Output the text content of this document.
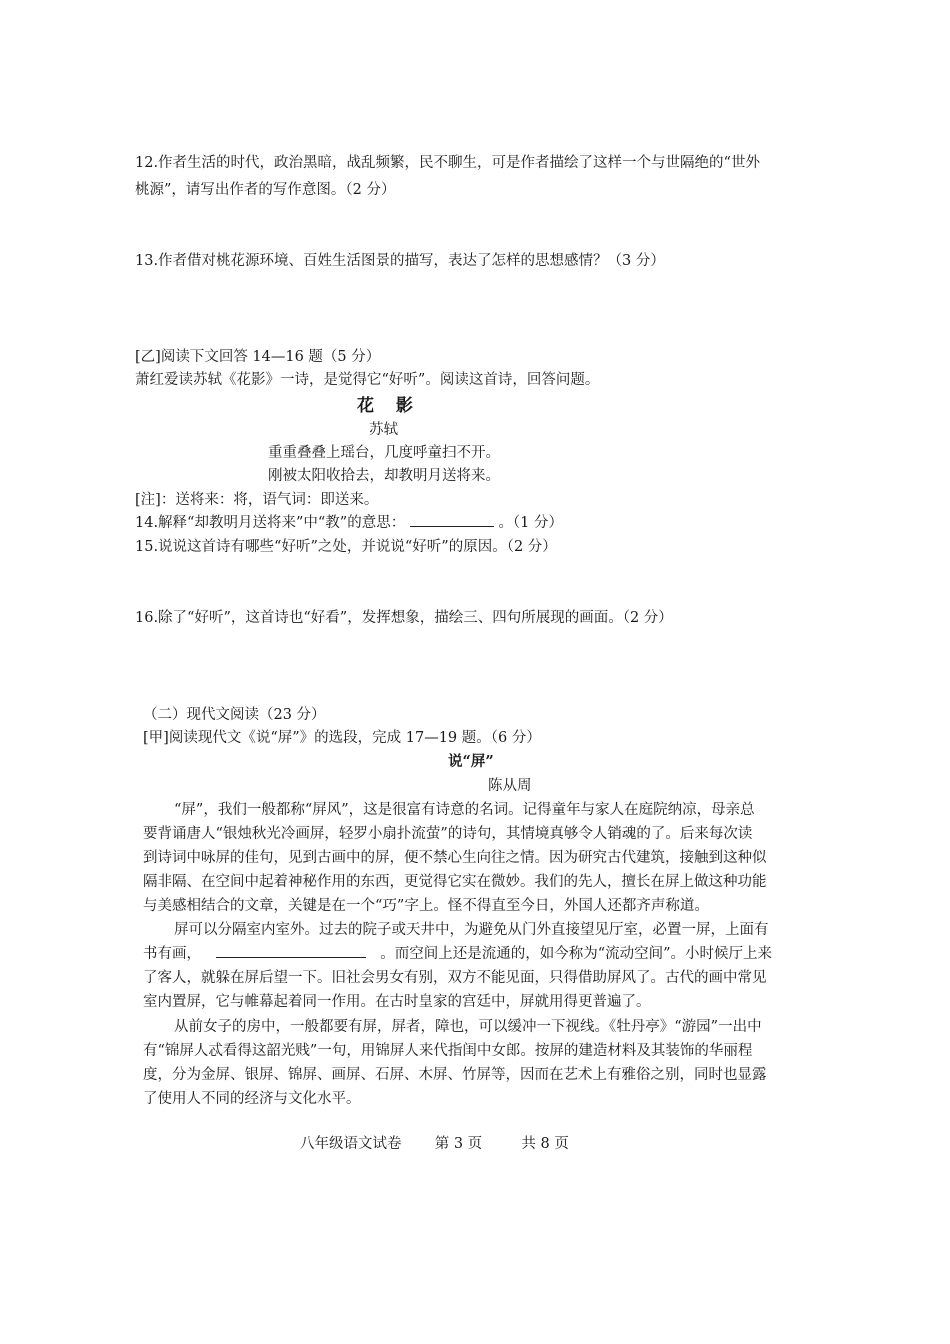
12.作者生活的时代，政治黑暗，战乱频繁，民不聊生，可是作者描绘了这样一个与世隔绝的“世外
桃源”，请写出作者的写作意图。（2 分）
13.作者借对桃花源环境、百姓生活图景的描写，表达了怎样的思想感情？（3 分）
[乙]阅读下文回答 14—16 题（5 分）
萧红爱读苏轼《花影》一诗，是觉得它“好听”。阅读这首诗，回答问题。
花 影
苏轼
重重叠叠上瑶台，几度呼童扫不开。
刚被太阳收拾去，却教明月送将来。
[注]：送将来：将，语气词：即送来。
14.解释“却教明月送将来”中“教”的意思：	。（1 分）
15.说说这首诗有哪些“好听”之处，并说说“好听”的原因。（2 分）
16.除了“好听”，这首诗也“好看”，发挥想象，描绘三、四句所展现的画面。（2 分）
（二）现代文阅读（23 分）
[甲]阅读现代文《说“屏”》的选段，完成 17—19 题。（6 分）
说“屏”
陈从周
“屏”，我们一般都称“屏风”，这是很富有诗意的名词。记得童年与家人在庭院纳凉，母亲总
要背诵唐人“银烛秋光冷画屏，轻罗小扇扑流萤”的诗句，其情境真够令人销魂的了。后来每次读
到诗词中咏屏的佳句，见到古画中的屏，便不禁心生向往之情。因为研究古代建筑，接触到这种似
隔非隔、在空间中起着神秘作用的东西，更觉得它实在微妙。我们的先人，擅长在屏上做这种功能
与美感相结合的文章，关键是在一个“巧”字上。怪不得直至今日，外国人还都齐声称道。
屏可以分隔室内室外。过去的院子或天井中，为避免从门外直接望见厅室，必置一屏，上面有
书有画，	。而空间上还是流通的，如今称为“流动空间”。小时候厅上来
了客人，就躲在屏后望一下。旧社会男女有别，双方不能见面，只得借助屏风了。古代的画中常见
室内置屏，它与帷幕起着同一作用。在古时皇家的宫廷中，屏就用得更普遍了。
从前女子的房中，一般都要有屏，屏者，障也，可以缓冲一下视线。《牡丹亭》“游园”一出中
有“锦屏人忒看得这韶光贱”一句，用锦屏人来代指闺中女郎。按屏的建造材料及其装饰的华丽程
度，分为金屏、银屏、锦屏、画屏、石屏、木屏、竹屏等，因而在艺术上有雅俗之别，同时也显露
了使用人不同的经济与文化水平。
八年级语文试卷 第 3 页	共 8 页
